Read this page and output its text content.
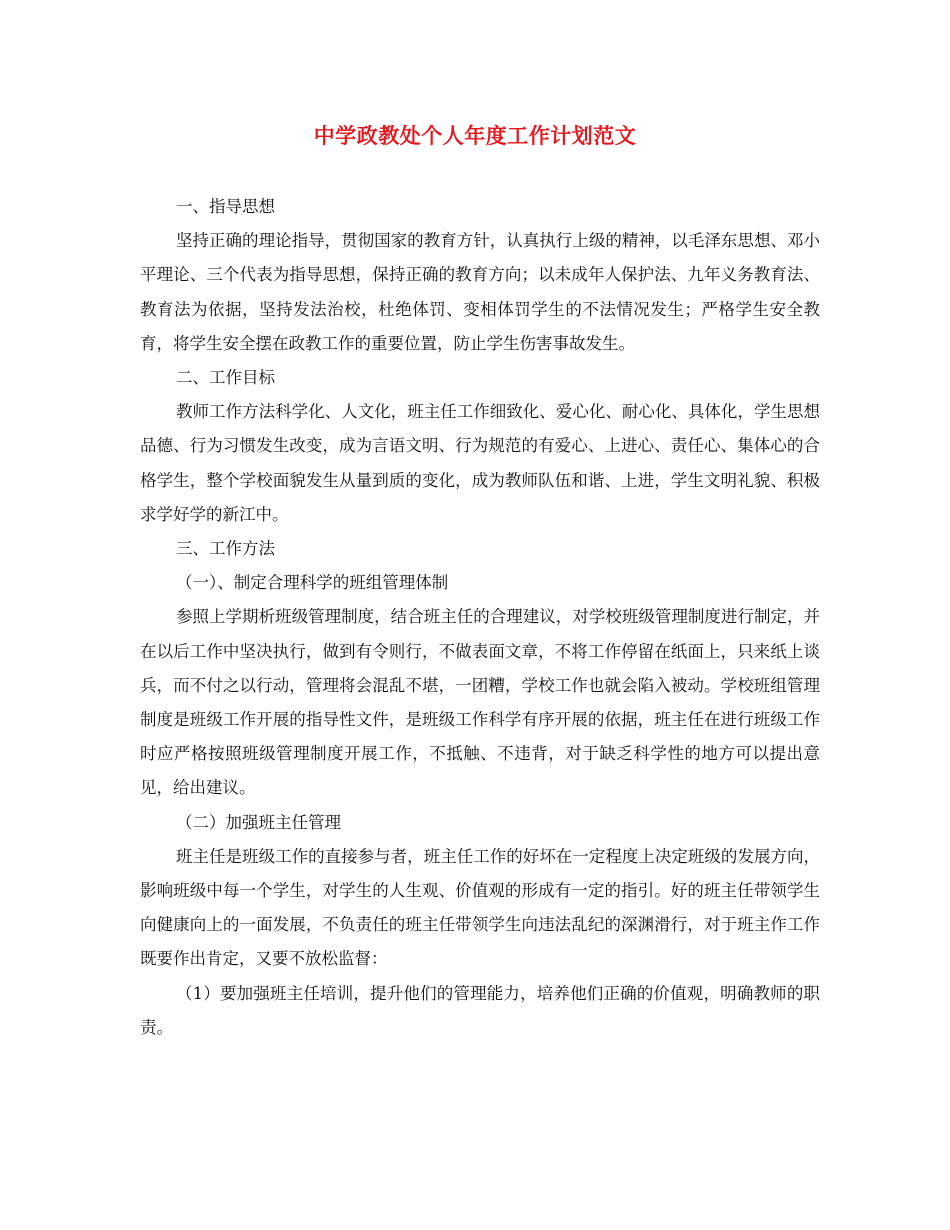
中学政教处个人年度工作计划范文

一、指导思想

坚持正确的理论指导，贯彻国家的教育方针，认真执行上级的精神，以毛泽东思想、邓小平理论、三个代表为指导思想，保持正确的教育方向；以未成年人保护法、九年义务教育法、教育法为依据，坚持发法治校，杜绝体罚、变相体罚学生的不法情况发生；严格学生安全教育，将学生安全摆在政教工作的重要位置，防止学生伤害事故发生。

二、工作目标

教师工作方法科学化、人文化，班主任工作细致化、爱心化、耐心化、具体化，学生思想品德、行为习惯发生改变，成为言语文明、行为规范的有爱心、上进心、责任心、集体心的合格学生，整个学校面貌发生从量到质的变化，成为教师队伍和谐、上进，学生文明礼貌、积极求学好学的新江中。

三、工作方法

（一）、制定合理科学的班组管理体制

参照上学期析班级管理制度，结合班主任的合理建议，对学校班级管理制度进行制定，并在以后工作中坚决执行，做到有令则行，不做表面文章，不将工作停留在纸面上，只来纸上谈兵，而不付之以行动，管理将会混乱不堪，一团糟，学校工作也就会陷入被动。学校班组管理制度是班级工作开展的指导性文件，是班级工作科学有序开展的依据，班主任在进行班级工作时应严格按照班级管理制度开展工作，不抵触、不违背，对于缺乏科学性的地方可以提出意见，给出建议。

（二）加强班主任管理

班主任是班级工作的直接参与者，班主任工作的好坏在一定程度上决定班级的发展方向，影响班级中每一个学生，对学生的人生观、价值观的形成有一定的指引。好的班主任带领学生向健康向上的一面发展，不负责任的班主任带领学生向违法乱纪的深渊滑行，对于班主作工作既要作出肯定，又要不放松监督：

（1）要加强班主任培训，提升他们的管理能力，培养他们正确的价值观，明确教师的职责。
